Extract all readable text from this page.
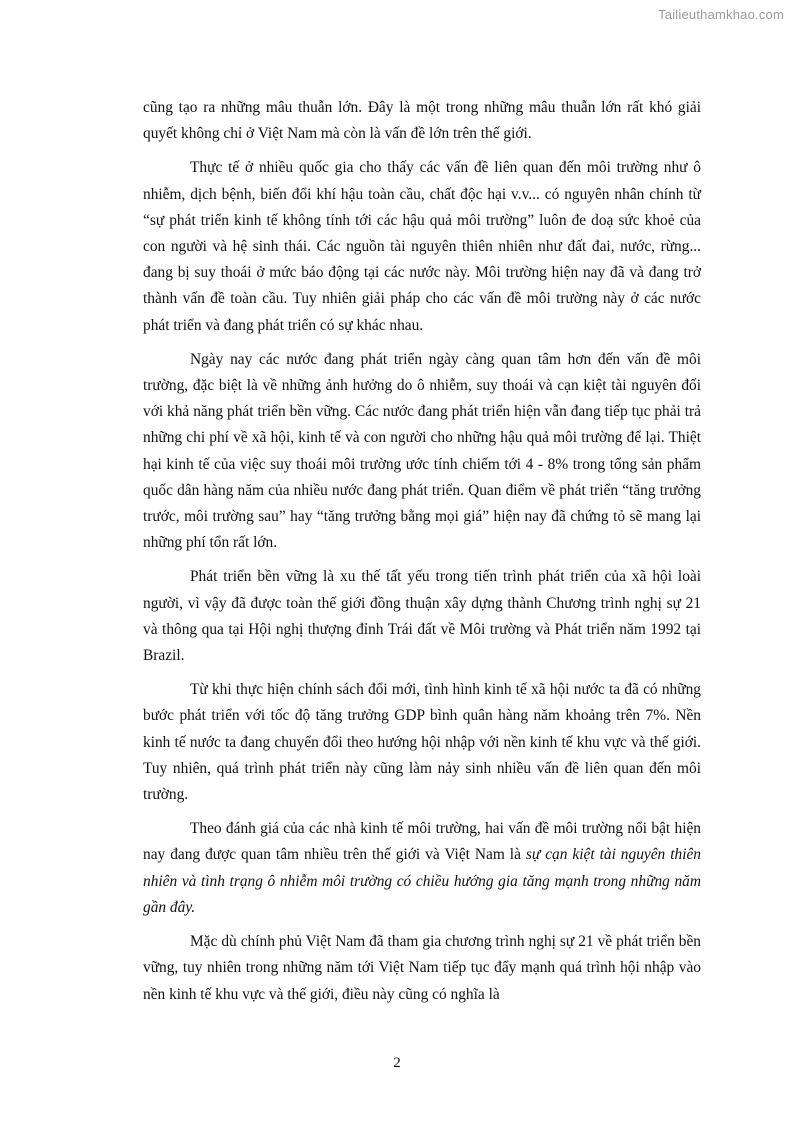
Tailieuthamkhao.com

cũng tạo ra những mâu thuẫn lớn. Đây là một trong những mâu thuẫn lớn rất khó giải quyết không chỉ ở Việt Nam mà còn là vấn đề lớn trên thế giới.

Thực tế ở nhiều quốc gia cho thấy các vấn đề liên quan đến môi trường như ô nhiễm, dịch bệnh, biến đổi khí hậu toàn cầu, chất độc hại v.v... có nguyên nhân chính từ “sự phát triển kinh tế không tính tới các hậu quả môi trường” luôn đe doạ sức khoẻ của con người và hệ sinh thái. Các nguồn tài nguyên thiên nhiên như đất đai, nước, rừng... đang bị suy thoái ở mức báo động tại các nước này. Môi trường hiện nay đã và đang trở thành vấn đề toàn cầu. Tuy nhiên giải pháp cho các vấn đề môi trường này ở các nước phát triển và đang phát triển có sự khác nhau.

Ngày nay các nước đang phát triển ngày càng quan tâm hơn đến vấn đề môi trường, đặc biệt là về những ảnh hưởng do ô nhiễm, suy thoái và cạn kiệt tài nguyên đối với khả năng phát triển bền vững. Các nước đang phát triển hiện vẫn đang tiếp tục phải trả những chi phí về xã hội, kinh tế và con người cho những hậu quả môi trường để lại. Thiệt hại kinh tế của việc suy thoái môi trường ước tính chiếm tới 4 - 8% trong tổng sản phẩm quốc dân hàng năm của nhiều nước đang phát triển. Quan điểm về phát triển “tăng trưởng trước, môi trường sau” hay “tăng trưởng bằng mọi giá” hiện nay đã chứng tỏ sẽ mang lại những phí tổn rất lớn.

Phát triển bền vững là xu thế tất yếu trong tiến trình phát triển của xã hội loài người, vì vậy đã được toàn thế giới đồng thuận xây dựng thành Chương trình nghị sự 21 và thông qua tại Hội nghị thượng đỉnh Trái đất về Môi trường và Phát triển năm 1992 tại Brazil.

Từ khi thực hiện chính sách đổi mới, tình hình kinh tế xã hội nước ta đã có những bước phát triển với tốc độ tăng trưởng GDP bình quân hàng năm khoảng trên 7%. Nền kinh tế nước ta đang chuyển đổi theo hướng hội nhập với nền kinh tế khu vực và thế giới. Tuy nhiên, quá trình phát triển này cũng làm nảy sinh nhiều vấn đề liên quan đến môi trường.

Theo đánh giá của các nhà kinh tế môi trường, hai vấn đề môi trường nổi bật hiện nay đang được quan tâm nhiều trên thế giới và Việt Nam là sự cạn kiệt tài nguyên thiên nhiên và tình trạng ô nhiễm môi trường có chiều hướng gia tăng mạnh trong những năm gần đây.

Mặc dù chính phủ Việt Nam đã tham gia chương trình nghị sự 21 về phát triển bền vững, tuy nhiên trong những năm tới Việt Nam tiếp tục đẩy mạnh quá trình hội nhập vào nền kinh tế khu vực và thế giới, điều này cũng có nghĩa là

2
